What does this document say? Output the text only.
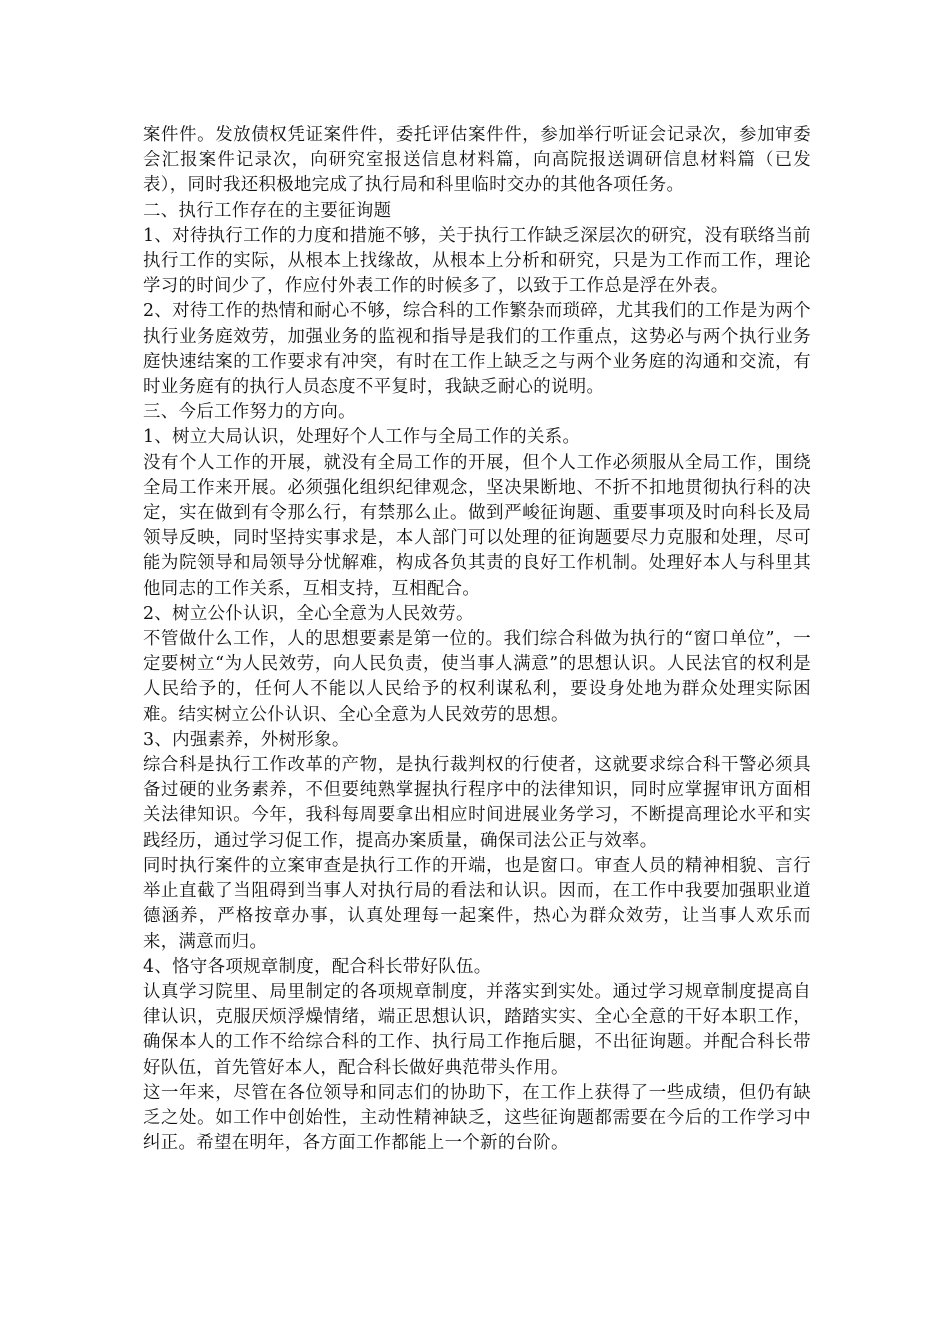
案件件。发放债权凭证案件件，委托评估案件件，参加举行听证会记录次，参加审委会汇报案件记录次，向研究室报送信息材料篇，向高院报送调研信息材料篇（已发表），同时我还积极地完成了执行局和科里临时交办的其他各项任务。

二、执行工作存在的主要征询题

1、对待执行工作的力度和措施不够，关于执行工作缺乏深层次的研究，没有联络当前执行工作的实际，从根本上找缘故，从根本上分析和研究，只是为工作而工作，理论学习的时间少了，作应付外表工作的时候多了，以致于工作总是浮在外表。

2、对待工作的热情和耐心不够，综合科的工作繁杂而琐碎，尤其我们的工作是为两个执行业务庭效劳，加强业务的监视和指导是我们的工作重点，这势必与两个执行业务庭快速结案的工作要求有冲突，有时在工作上缺乏之与两个业务庭的沟通和交流，有时业务庭有的执行人员态度不平复时，我缺乏耐心的说明。

三、今后工作努力的方向。

1、树立大局认识，处理好个人工作与全局工作的关系。

没有个人工作的开展，就没有全局工作的开展，但个人工作必须服从全局工作，围绕全局工作来开展。必须强化组织纪律观念，坚决果断地、不折不扣地贯彻执行科的决定，实在做到有令那么行，有禁那么止。做到严峻征询题、重要事项及时向科长及局领导反映，同时坚持实事求是，本人部门可以处理的征询题要尽力克服和处理，尽可能为院领导和局领导分忧解难，构成各负其责的良好工作机制。处理好本人与科里其他同志的工作关系，互相支持，互相配合。

2、树立公仆认识，全心全意为人民效劳。

不管做什么工作，人的思想要素是第一位的。我们综合科做为执行的“窗口单位”，一定要树立“为人民效劳，向人民负责，使当事人满意”的思想认识。人民法官的权利是人民给予的，任何人不能以人民给予的权利谋私利，要设身处地为群众处理实际困难。结实树立公仆认识、全心全意为人民效劳的思想。

3、内强素养，外树形象。

综合科是执行工作改革的产物，是执行裁判权的行使者，这就要求综合科干警必须具备过硬的业务素养，不但要纯熟掌握执行程序中的法律知识，同时应掌握审讯方面相关法律知识。今年，我科每周要拿出相应时间进展业务学习，不断提高理论水平和实践经历，通过学习促工作，提高办案质量，确保司法公正与效率。

同时执行案件的立案审查是执行工作的开端，也是窗口。审查人员的精神相貌、言行举止直截了当阻碍到当事人对执行局的看法和认识。因而，在工作中我要加强职业道德涵养，严格按章办事，认真处理每一起案件，热心为群众效劳，让当事人欢乐而来，满意而归。

4、恪守各项规章制度，配合科长带好队伍。

认真学习院里、局里制定的各项规章制度，并落实到实处。通过学习规章制度提高自律认识，克服厌烦浮燥情绪，端正思想认识，踏踏实实、全心全意的干好本职工作，确保本人的工作不给综合科的工作、执行局工作拖后腿，不出征询题。并配合科长带好队伍，首先管好本人，配合科长做好典范带头作用。

这一年来，尽管在各位领导和同志们的协助下，在工作上获得了一些成绩，但仍有缺乏之处。如工作中创始性，主动性精神缺乏，这些征询题都需要在今后的工作学习中纠正。希望在明年，各方面工作都能上一个新的台阶。
